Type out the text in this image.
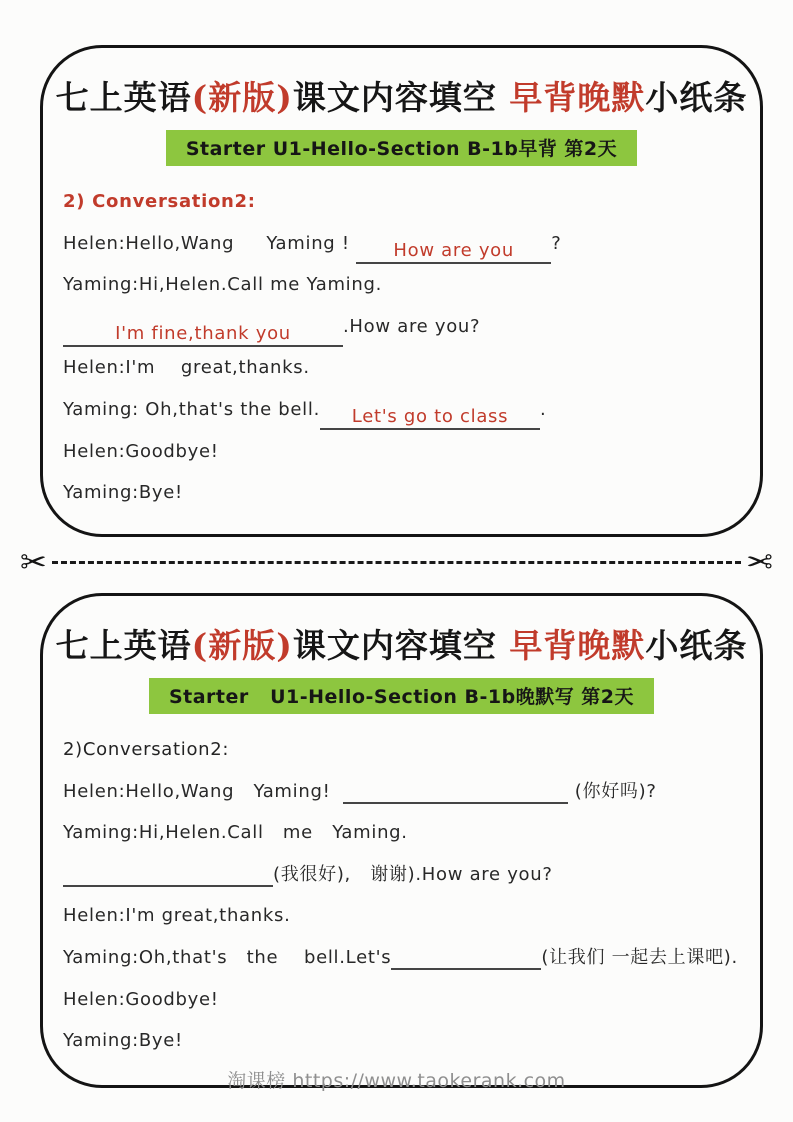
七上英语(新版)课文内容填空 早背晚默小纸条
Starter U1-Hello-Section B-1b早背 第2天
2) Conversation2:
Helen:Hello,Wang     Yaming ! How are you ?
Yaming:Hi,Helen.Call me Yaming.
I'm fine,thank you	.How are you?
Helen:I'm    great,thanks.
Yaming: Oh,that's the bell. Let's go to class .
Helen:Goodbye!
Yaming:Bye!
✂	✂
七上英语(新版)课文内容填空 早背晚默小纸条
Starter   U1-Hello-Section B-1b晚默写 第2天
2)Conversation2:
Helen:Hello,Wang   Yaming!	(你好吗)?
Yaming:Hi,Helen.Call   me   Yaming.
(我很好),   谢谢).How are you?
Helen:I'm great,thanks.
Yaming:Oh,that's   the    bell.Let's	(让我们 一起去上课吧).
Helen:Goodbye!
Yaming:Bye!
淘课榜 https://www.taokerank.com
